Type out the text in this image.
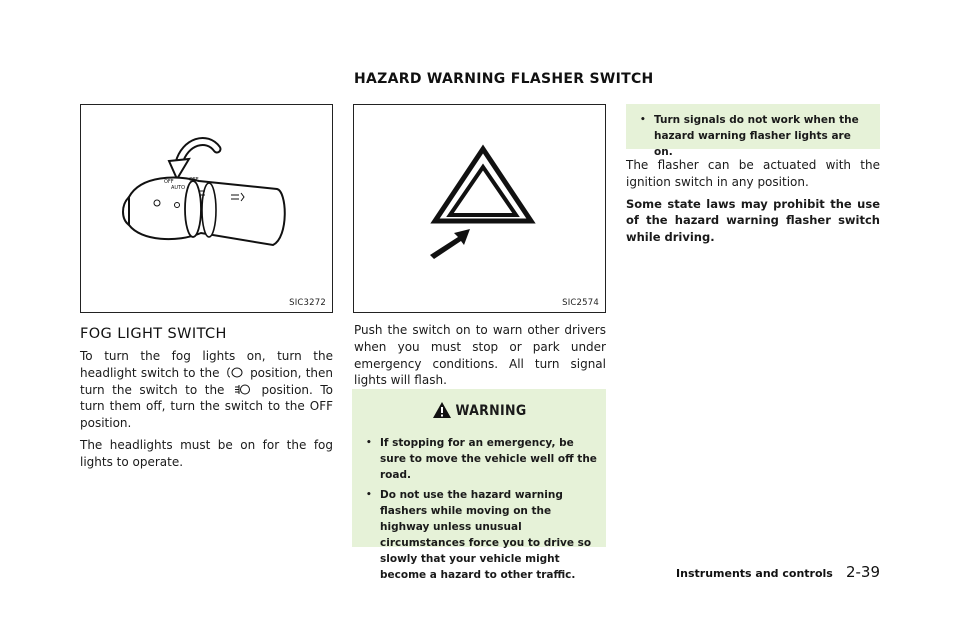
HAZARD WARNING FLASHER SWITCH
OFF	OFF
AUTO
SIC3272	SIC2574
FOG LIGHT SWITCH

To turn the fog lights on, turn the headlight switch to the	position, then turn the switch to the	position. To turn them off, turn the switch to the OFF position.

The headlights must be on for the fog lights to operate.

Push the switch on to warn other drivers when you must stop or park under emergency conditions. All turn signal lights will flash.

WARNING
• If stopping for an emergency, be sure to move the vehicle well off the road.
• Do not use the hazard warning flashers while moving on the highway unless unusual circumstances force you to drive so slowly that your vehicle might become a hazard to other traffic.
• Turn signals do not work when the hazard warning flasher lights are on.

The flasher can be actuated with the ignition switch in any position.

Some state laws may prohibit the use of the hazard warning flasher switch while driving.

Instruments and controls 2-39
